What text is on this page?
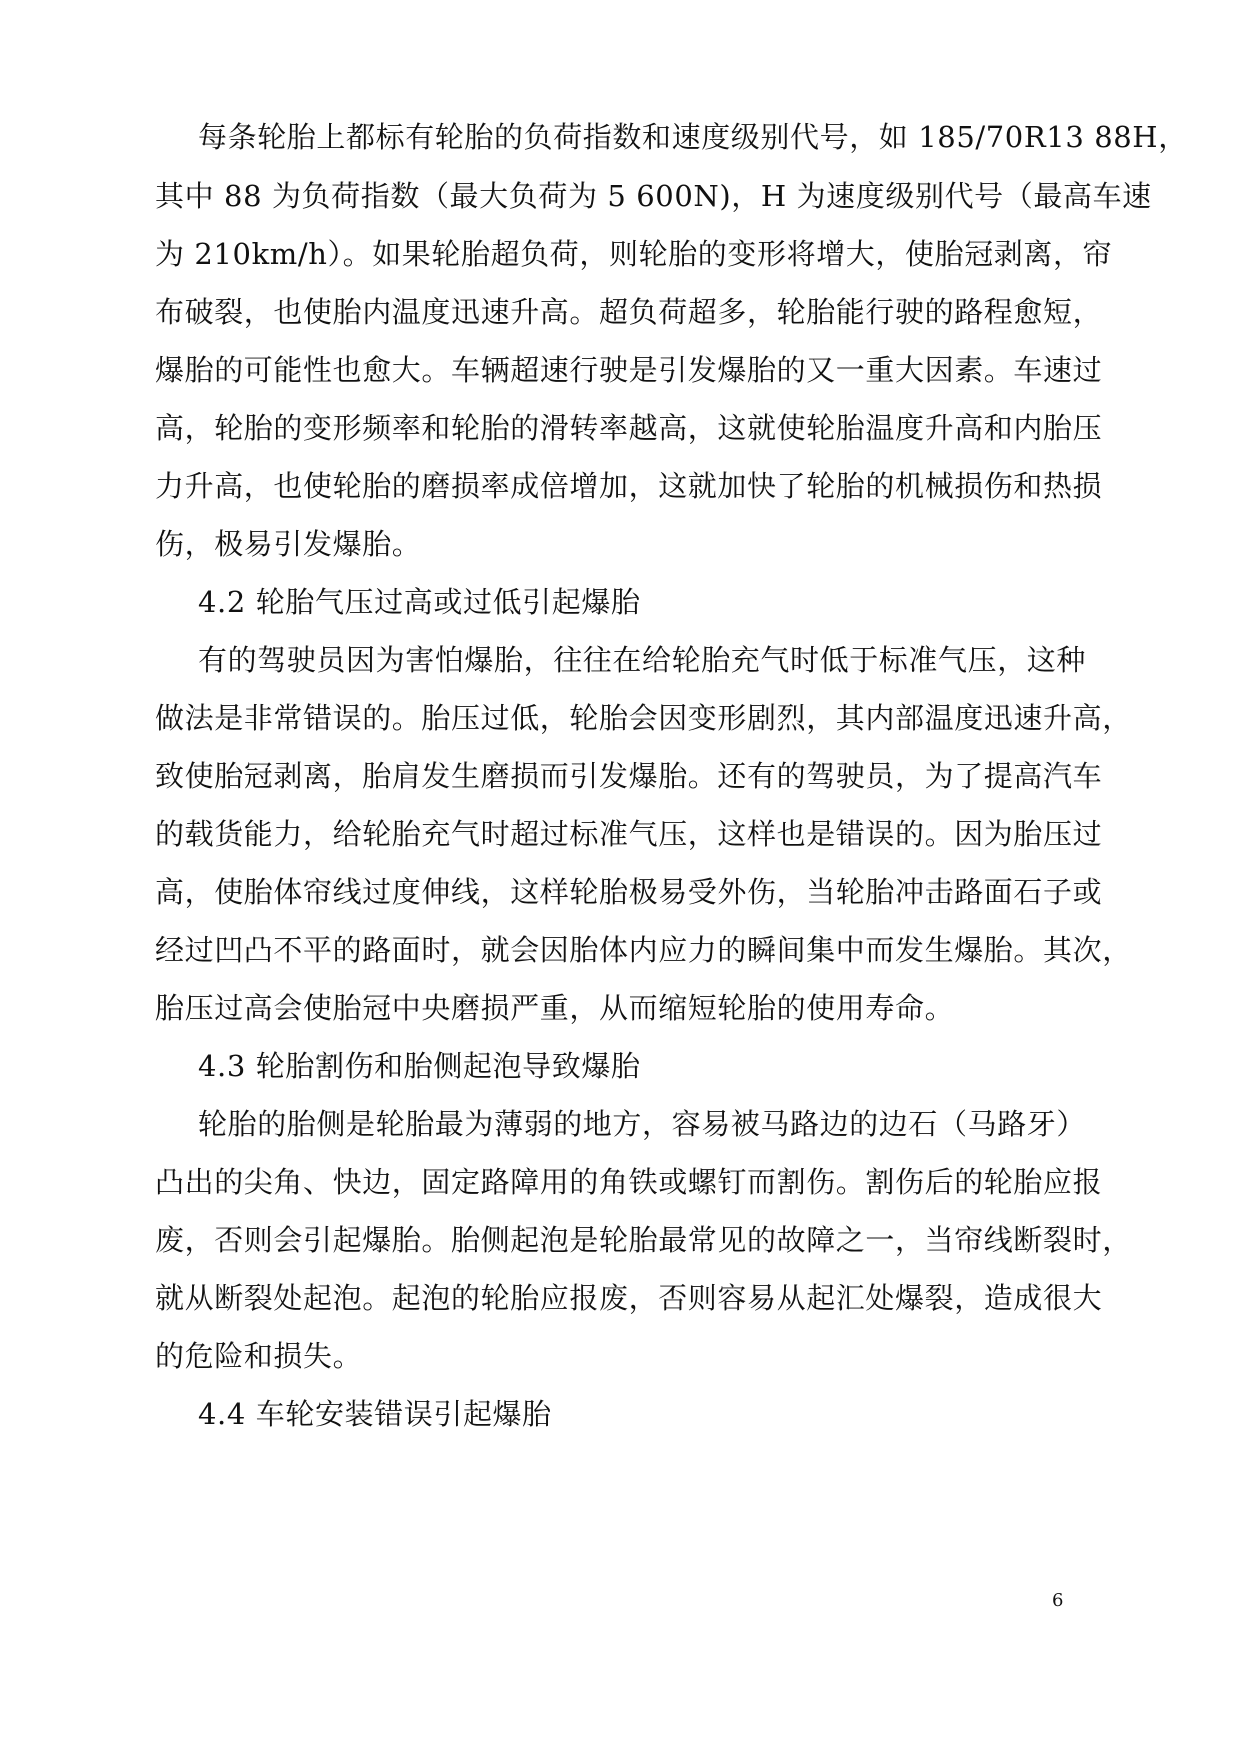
每条轮胎上都标有轮胎的负荷指数和速度级别代号，如 185/70R13 88H，
其中 88 为负荷指数（最大负荷为 5 600N)，H 为速度级别代号（最高车速
为 210km/h）。如果轮胎超负荷，则轮胎的变形将增大，使胎冠剥离，帘
布破裂，也使胎内温度迅速升高。超负荷超多，轮胎能行驶的路程愈短，
爆胎的可能性也愈大。车辆超速行驶是引发爆胎的又一重大因素。车速过
高，轮胎的变形频率和轮胎的滑转率越高，这就使轮胎温度升高和内胎压
力升高，也使轮胎的磨损率成倍增加，这就加快了轮胎的机械损伤和热损
伤，极易引发爆胎。
4.2 轮胎气压过高或过低引起爆胎
有的驾驶员因为害怕爆胎，往往在给轮胎充气时低于标准气压，这种
做法是非常错误的。胎压过低，轮胎会因变形剧烈，其内部温度迅速升高，
致使胎冠剥离，胎肩发生磨损而引发爆胎。还有的驾驶员，为了提高汽车
的载货能力，给轮胎充气时超过标准气压，这样也是错误的。因为胎压过
高，使胎体帘线过度伸线，这样轮胎极易受外伤，当轮胎冲击路面石子或
经过凹凸不平的路面时，就会因胎体内应力的瞬间集中而发生爆胎。其次，
胎压过高会使胎冠中央磨损严重，从而缩短轮胎的使用寿命。
4.3 轮胎割伤和胎侧起泡导致爆胎
轮胎的胎侧是轮胎最为薄弱的地方，容易被马路边的边石（马路牙）
凸出的尖角、快边，固定路障用的角铁或螺钉而割伤。割伤后的轮胎应报
废，否则会引起爆胎。胎侧起泡是轮胎最常见的故障之一，当帘线断裂时，
就从断裂处起泡。起泡的轮胎应报废，否则容易从起汇处爆裂，造成很大
的危险和损失。
4.4 车轮安装错误引起爆胎
6
